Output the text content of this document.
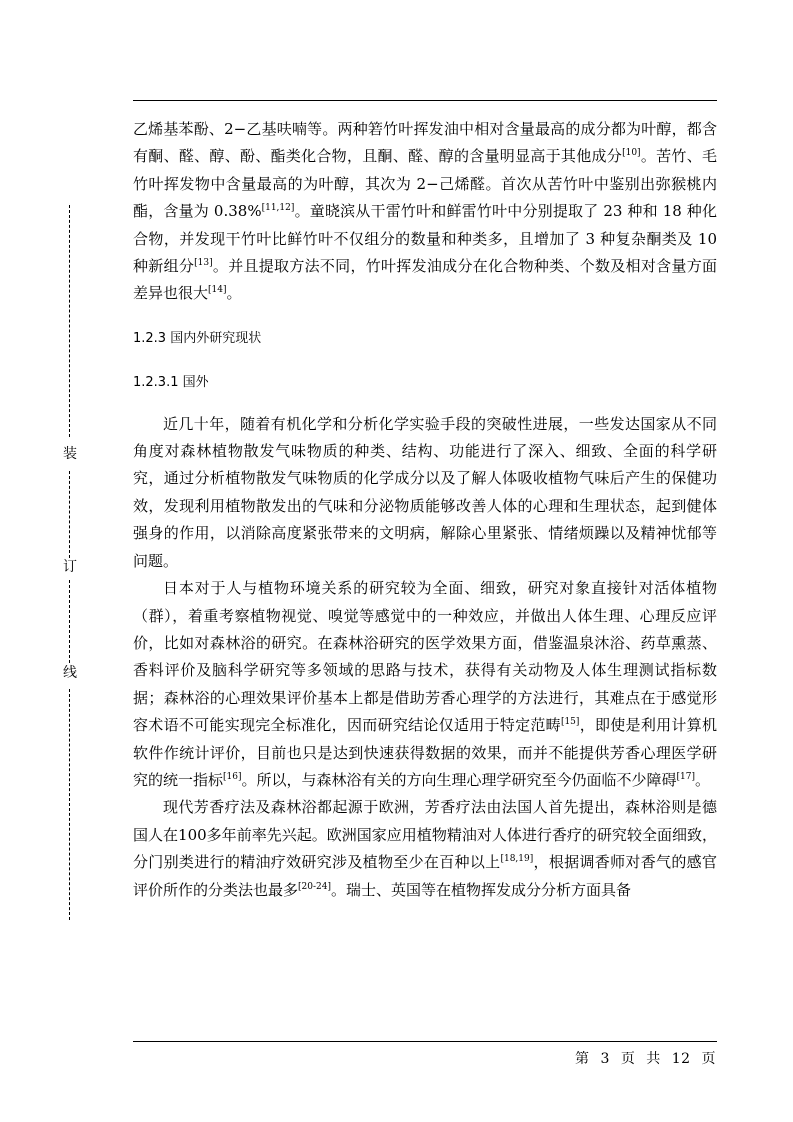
装
订
线

乙烯基苯酚、2−乙基呋喃等。两种箬竹叶挥发油中相对含量最高的成分都为叶醇，都含有酮、醛、醇、酚、酯类化合物，且酮、醛、醇的含量明显高于其他成分[10]。苦竹、毛竹叶挥发物中含量最高的为叶醇，其次为 2−己烯醛。首次从苦竹叶中鉴别出弥猴桃内酯，含量为 0.38%[11,12]。童晓滨从干雷竹叶和鲜雷竹叶中分别提取了 23 种和 18 种化合物，并发现干竹叶比鲜竹叶不仅组分的数量和种类多，且增加了 3 种复杂酮类及 10 种新组分[13]。并且提取方法不同，竹叶挥发油成分在化合物种类、个数及相对含量方面差异也很大[14]。

1.2.3 国内外研究现状

1.2.3.1 国外

近几十年，随着有机化学和分析化学实验手段的突破性进展，一些发达国家从不同角度对森林植物散发气味物质的种类、结构、功能进行了深入、细致、全面的科学研究，通过分析植物散发气味物质的化学成分以及了解人体吸收植物气味后产生的保健功效，发现利用植物散发出的气味和分泌物质能够改善人体的心理和生理状态，起到健体强身的作用，以消除高度紧张带来的文明病，解除心里紧张、情绪烦躁以及精神忧郁等问题。

日本对于人与植物环境关系的研究较为全面、细致，研究对象直接针对活体植物（群），着重考察植物视觉、嗅觉等感觉中的一种效应，并做出人体生理、心理反应评价，比如对森林浴的研究。在森林浴研究的医学效果方面，借鉴温泉沐浴、药草熏蒸、香料评价及脑科学研究等多领域的思路与技术，获得有关动物及人体生理测试指标数据；森林浴的心理效果评价基本上都是借助芳香心理学的方法进行，其难点在于感觉形容术语不可能实现完全标准化，因而研究结论仅适用于特定范畴[15]，即使是利用计算机软件作统计评价，目前也只是达到快速获得数据的效果，而并不能提供芳香心理医学研究的统一指标[16]。所以，与森林浴有关的方向生理心理学研究至今仍面临不少障碍[17]。

现代芳香疗法及森林浴都起源于欧洲，芳香疗法由法国人首先提出，森林浴则是德国人在100多年前率先兴起。欧洲国家应用植物精油对人体进行香疗的研究较全面细致，分门别类进行的精油疗效研究涉及植物至少在百种以上[18,19]，根据调香师对香气的感官评价所作的分类法也最多[20-24]。瑞士、英国等在植物挥发成分分析方面具备

第 3 页 共 12 页
